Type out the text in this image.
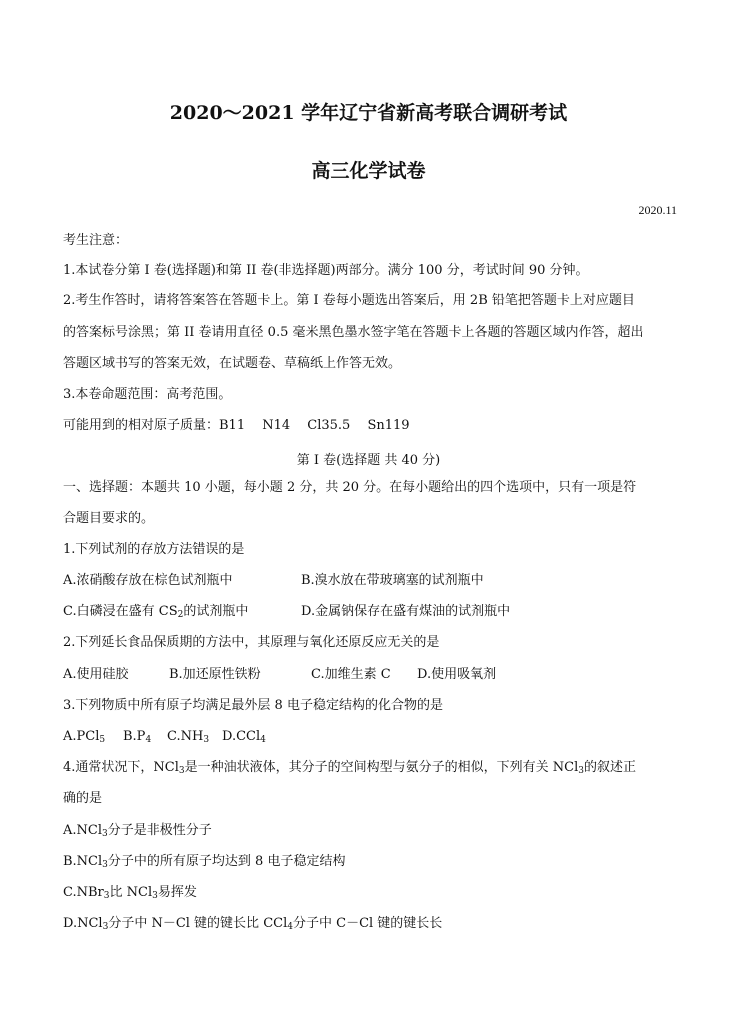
2020～2021 学年辽宁省新高考联合调研考试
高三化学试卷
2020.11
考生注意：
1.本试卷分第 I 卷(选择题)和第 II 卷(非选择题)两部分。满分 100 分，考试时间 90 分钟。
2.考生作答时，请将答案答在答题卡上。第 I 卷每小题选出答案后，用 2B 铅笔把答题卡上对应题目
的答案标号涂黑；第 II 卷请用直径 0.5 毫米黑色墨水签字笔在答题卡上各题的答题区域内作答，超出
答题区域书写的答案无效，在试题卷、草稿纸上作答无效。
3.本卷命题范围：高考范围。
可能用到的相对原子质量：B11　 N14　 Cl35.5　 Sn119
第 I 卷(选择题 共 40 分)
一、选择题：本题共 10 小题，每小题 2 分，共 20 分。在每小题给出的四个选项中，只有一项是符
合题目要求的。
1.下列试剂的存放方法错误的是
A.浓硝酸存放在棕色试剂瓶中	B.溴水放在带玻璃塞的试剂瓶中
C.白磷浸在盛有 $CS_2$的试剂瓶中	D.金属钠保存在盛有煤油的试剂瓶中
2.下列延长食品保质期的方法中，其原理与氧化还原反应无关的是
A.使用硅胶	B.加还原性铁粉	C.加维生素 C D.使用吸氧剂
3.下列物质中所有原子均满足最外层 8 电子稳定结构的化合物的是
A.PCl$_5$ $B.P_4$ $C.NH_3$ D.CCl$_4$
4.通常状况下，NCl$_3$是一种油状液体，其分子的空间构型与氨分子的相似，下列有关 NCl$_3$的叙述正
确的是
A.NCl$_3$分子是非极性分子
B.NCl$_3$分子中的所有原子均达到 8 电子稳定结构
C.NBr$_3$比 NCl$_3$易挥发
D.NCl$_3$分子中 N－Cl 键的键长比 CCl$_4$分子中 C－Cl 键的键长长
